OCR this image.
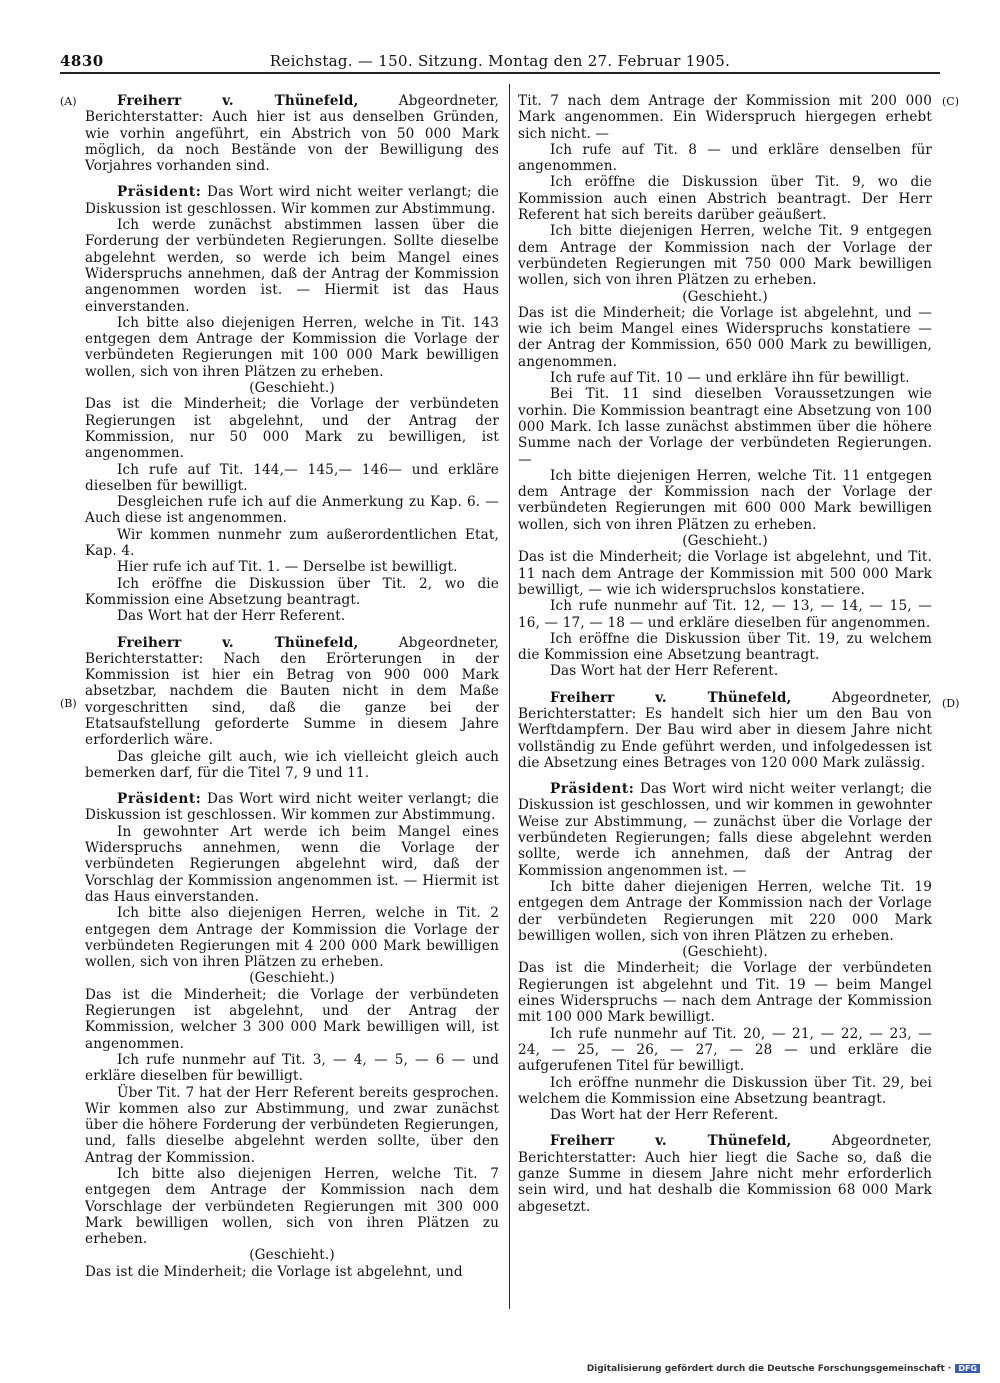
4830	Reichstag. — 150. Sitzung. Montag den 27. Februar 1905.
(A)
(B)
(C)
(D)

Freiherr v. Thünefeld, Abgeordneter, Berichterstatter: Auch hier ist aus denselben Gründen, wie vorhin angeführt, ein Abstrich von 50 000 Mark möglich, da noch Bestände von der Bewilligung des Vorjahres vorhanden sind.

Präsident: Das Wort wird nicht weiter verlangt; die Diskussion ist geschlossen. Wir kommen zur Abstimmung.

Ich werde zunächst abstimmen lassen über die Forderung der verbündeten Regierungen. Sollte dieselbe abgelehnt werden, so werde ich beim Mangel eines Widerspruchs annehmen, daß der Antrag der Kommission angenommen worden ist. — Hiermit ist das Haus einverstanden.

Ich bitte also diejenigen Herren, welche in Tit. 143 entgegen dem Antrage der Kommission die Vorlage der verbündeten Regierungen mit 100 000 Mark bewilligen wollen, sich von ihren Plätzen zu erheben.

(Geschieht.)

Das ist die Minderheit; die Vorlage der verbündeten Regierungen ist abgelehnt, und der Antrag der Kommission, nur 50 000 Mark zu bewilligen, ist angenommen.

Ich rufe auf Tit. 144,— 145,— 146— und erkläre dieselben für bewilligt.

Desgleichen rufe ich auf die Anmerkung zu Kap. 6. — Auch diese ist angenommen.

Wir kommen nunmehr zum außerordentlichen Etat, Kap. 4.

Hier rufe ich auf Tit. 1. — Derselbe ist bewilligt.

Ich eröffne die Diskussion über Tit. 2, wo die Kommission eine Absetzung beantragt.

Das Wort hat der Herr Referent.

Freiherr v. Thünefeld, Abgeordneter, Berichterstatter: Nach den Erörterungen in der Kommission ist hier ein Betrag von 900 000 Mark absetzbar, nachdem die Bauten nicht in dem Maße vorgeschritten sind, daß die ganze bei der Etatsaufstellung geforderte Summe in diesem Jahre erforderlich wäre.

Das gleiche gilt auch, wie ich vielleicht gleich auch bemerken darf, für die Titel 7, 9 und 11.

Präsident: Das Wort wird nicht weiter verlangt; die Diskussion ist geschlossen. Wir kommen zur Abstimmung.

In gewohnter Art werde ich beim Mangel eines Widerspruchs annehmen, wenn die Vorlage der verbündeten Regierungen abgelehnt wird, daß der Vorschlag der Kommission angenommen ist. — Hiermit ist das Haus einverstanden.

Ich bitte also diejenigen Herren, welche in Tit. 2 entgegen dem Antrage der Kommission die Vorlage der verbündeten Regierungen mit 4 200 000 Mark bewilligen wollen, sich von ihren Plätzen zu erheben.

(Geschieht.)

Das ist die Minderheit; die Vorlage der verbündeten Regierungen ist abgelehnt, und der Antrag der Kommission, welcher 3 300 000 Mark bewilligen will, ist angenommen.

Ich rufe nunmehr auf Tit. 3, — 4, — 5, — 6 — und erkläre dieselben für bewilligt.

Über Tit. 7 hat der Herr Referent bereits gesprochen. Wir kommen also zur Abstimmung, und zwar zunächst über die höhere Forderung der verbündeten Regierungen, und, falls dieselbe abgelehnt werden sollte, über den Antrag der Kommission.

Ich bitte also diejenigen Herren, welche Tit. 7 entgegen dem Antrage der Kommission nach dem Vorschlage der verbündeten Regierungen mit 300 000 Mark bewilligen wollen, sich von ihren Plätzen zu erheben.

(Geschieht.)

Das ist die Minderheit; die Vorlage ist abgelehnt, und

Tit. 7 nach dem Antrage der Kommission mit 200 000 Mark angenommen. Ein Widerspruch hiergegen erhebt sich nicht. —

Ich rufe auf Tit. 8 — und erkläre denselben für angenommen.

Ich eröffne die Diskussion über Tit. 9, wo die Kommission auch einen Abstrich beantragt. Der Herr Referent hat sich bereits darüber geäußert.

Ich bitte diejenigen Herren, welche Tit. 9 entgegen dem Antrage der Kommission nach der Vorlage der verbündeten Regierungen mit 750 000 Mark bewilligen wollen, sich von ihren Plätzen zu erheben.

(Geschieht.)

Das ist die Minderheit; die Vorlage ist abgelehnt, und — wie ich beim Mangel eines Widerspruchs konstatiere — der Antrag der Kommission, 650 000 Mark zu bewilligen, angenommen.

Ich rufe auf Tit. 10 — und erkläre ihn für bewilligt.

Bei Tit. 11 sind dieselben Voraussetzungen wie vorhin. Die Kommission beantragt eine Absetzung von 100 000 Mark. Ich lasse zunächst abstimmen über die höhere Summe nach der Vorlage der verbündeten Regierungen. —

Ich bitte diejenigen Herren, welche Tit. 11 entgegen dem Antrage der Kommission nach der Vorlage der verbündeten Regierungen mit 600 000 Mark bewilligen wollen, sich von ihren Plätzen zu erheben.

(Geschieht.)

Das ist die Minderheit; die Vorlage ist abgelehnt, und Tit. 11 nach dem Antrage der Kommission mit 500 000 Mark bewilligt, — wie ich widerspruchslos konstatiere.

Ich rufe nunmehr auf Tit. 12, — 13, — 14, — 15, — 16, — 17, — 18 — und erkläre dieselben für angenommen.

Ich eröffne die Diskussion über Tit. 19, zu welchem die Kommission eine Absetzung beantragt.

Das Wort hat der Herr Referent.

Freiherr v. Thünefeld, Abgeordneter, Berichterstatter: Es handelt sich hier um den Bau von Werftdampfern. Der Bau wird aber in diesem Jahre nicht vollständig zu Ende geführt werden, und infolgedessen ist die Absetzung eines Betrages von 120 000 Mark zulässig.

Präsident: Das Wort wird nicht weiter verlangt; die Diskussion ist geschlossen, und wir kommen in gewohnter Weise zur Abstimmung, — zunächst über die Vorlage der verbündeten Regierungen; falls diese abgelehnt werden sollte, werde ich annehmen, daß der Antrag der Kommission angenommen ist. —

Ich bitte daher diejenigen Herren, welche Tit. 19 entgegen dem Antrage der Kommission nach der Vorlage der verbündeten Regierungen mit 220 000 Mark bewilligen wollen, sich von ihren Plätzen zu erheben.

(Geschieht).

Das ist die Minderheit; die Vorlage der verbündeten Regierungen ist abgelehnt und Tit. 19 — beim Mangel eines Widerspruchs — nach dem Antrage der Kommission mit 100 000 Mark bewilligt.

Ich rufe nunmehr auf Tit. 20, — 21, — 22, — 23, — 24, — 25, — 26, — 27, — 28 — und erkläre die aufgerufenen Titel für bewilligt.

Ich eröffne nunmehr die Diskussion über Tit. 29, bei welchem die Kommission eine Absetzung beantragt.

Das Wort hat der Herr Referent.

Freiherr v. Thünefeld, Abgeordneter, Berichterstatter: Auch hier liegt die Sache so, daß die ganze Summe in diesem Jahre nicht mehr erforderlich sein wird, und hat deshalb die Kommission 68 000 Mark abgesetzt.

Digitalisierung gefördert durch die Deutsche Forschungsgemeinschaft · DFG
